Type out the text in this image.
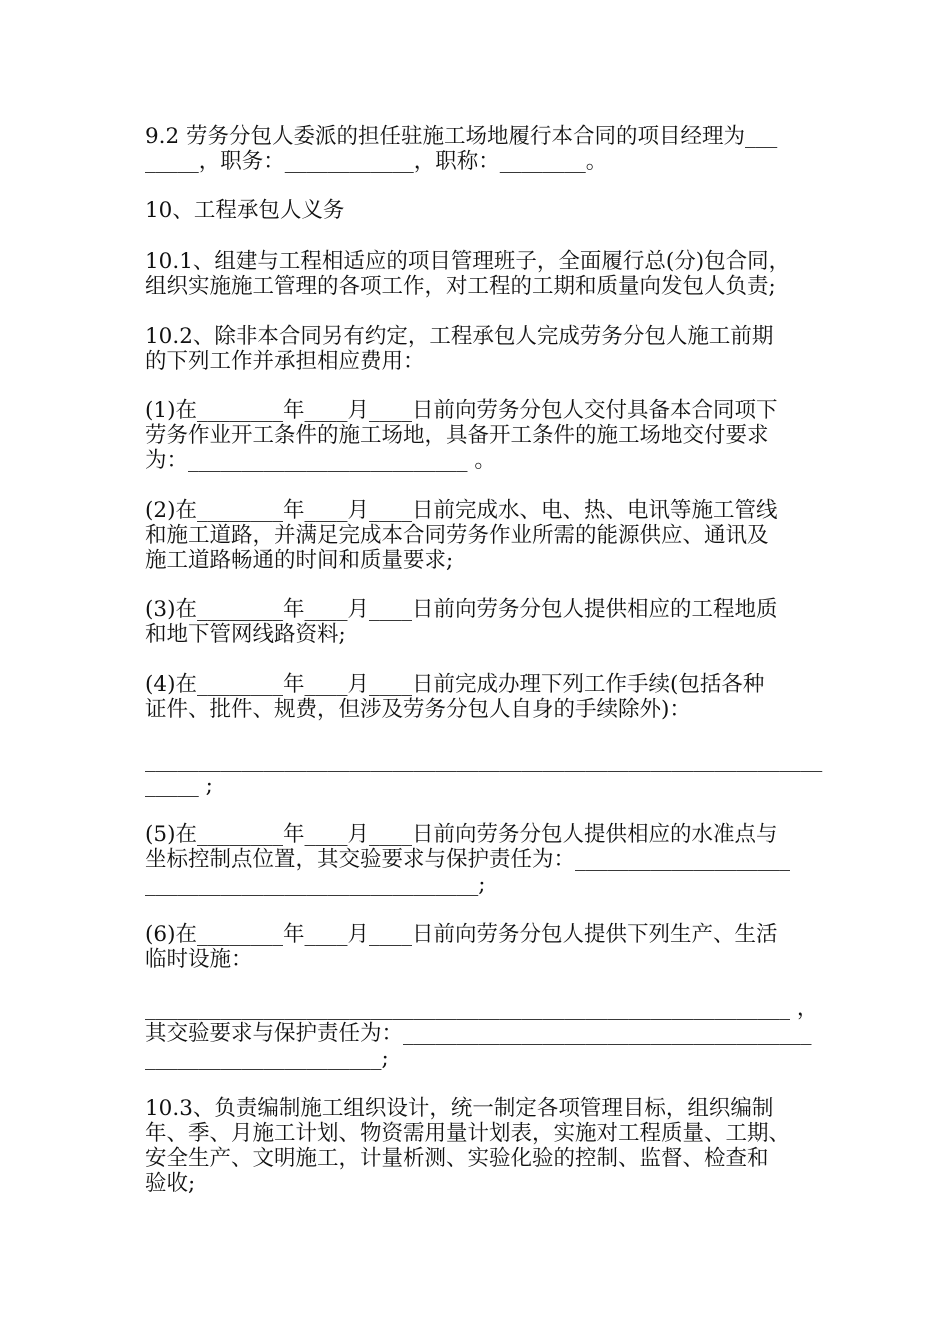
9.2 劳务分包人委派的担任驻施工场地履行本合同的项目经理为___
_____，职务：____________，职称：________。
10、工程承包人义务
10.1、组建与工程相适应的项目管理班子，全面履行总(分)包合同，
组织实施施工管理的各项工作，对工程的工期和质量向发包人负责;
10.2、除非本合同另有约定，工程承包人完成劳务分包人施工前期
的下列工作并承担相应费用：
(1)在________年____月____日前向劳务分包人交付具备本合同项下
劳务作业开工条件的施工场地，具备开工条件的施工场地交付要求
为：__________________________ 。
(2)在________年____月____日前完成水、电、热、电讯等施工管线
和施工道路，并满足完成本合同劳务作业所需的能源供应、通讯及
施工道路畅通的时间和质量要求;
(3)在________年____月____日前向劳务分包人提供相应的工程地质
和地下管网线路资料;
(4)在________年____月____日前完成办理下列工作手续(包括各种
证件、批件、规费，但涉及劳务分包人自身的手续除外)：
_______________________________________________________________
_____ ;
(5)在________年____月____日前向劳务分包人提供相应的水准点与
坐标控制点位置，其交验要求与保护责任为：____________________
_______________________________;
(6)在________年____月____日前向劳务分包人提供下列生产、生活
临时设施：
____________________________________________________________ ，
其交验要求与保护责任为：______________________________________
______________________;
10.3、负责编制施工组织设计，统一制定各项管理目标，组织编制
年、季、月施工计划、物资需用量计划表，实施对工程质量、工期、
安全生产、文明施工，计量析测、实验化验的控制、监督、检查和
验收;
